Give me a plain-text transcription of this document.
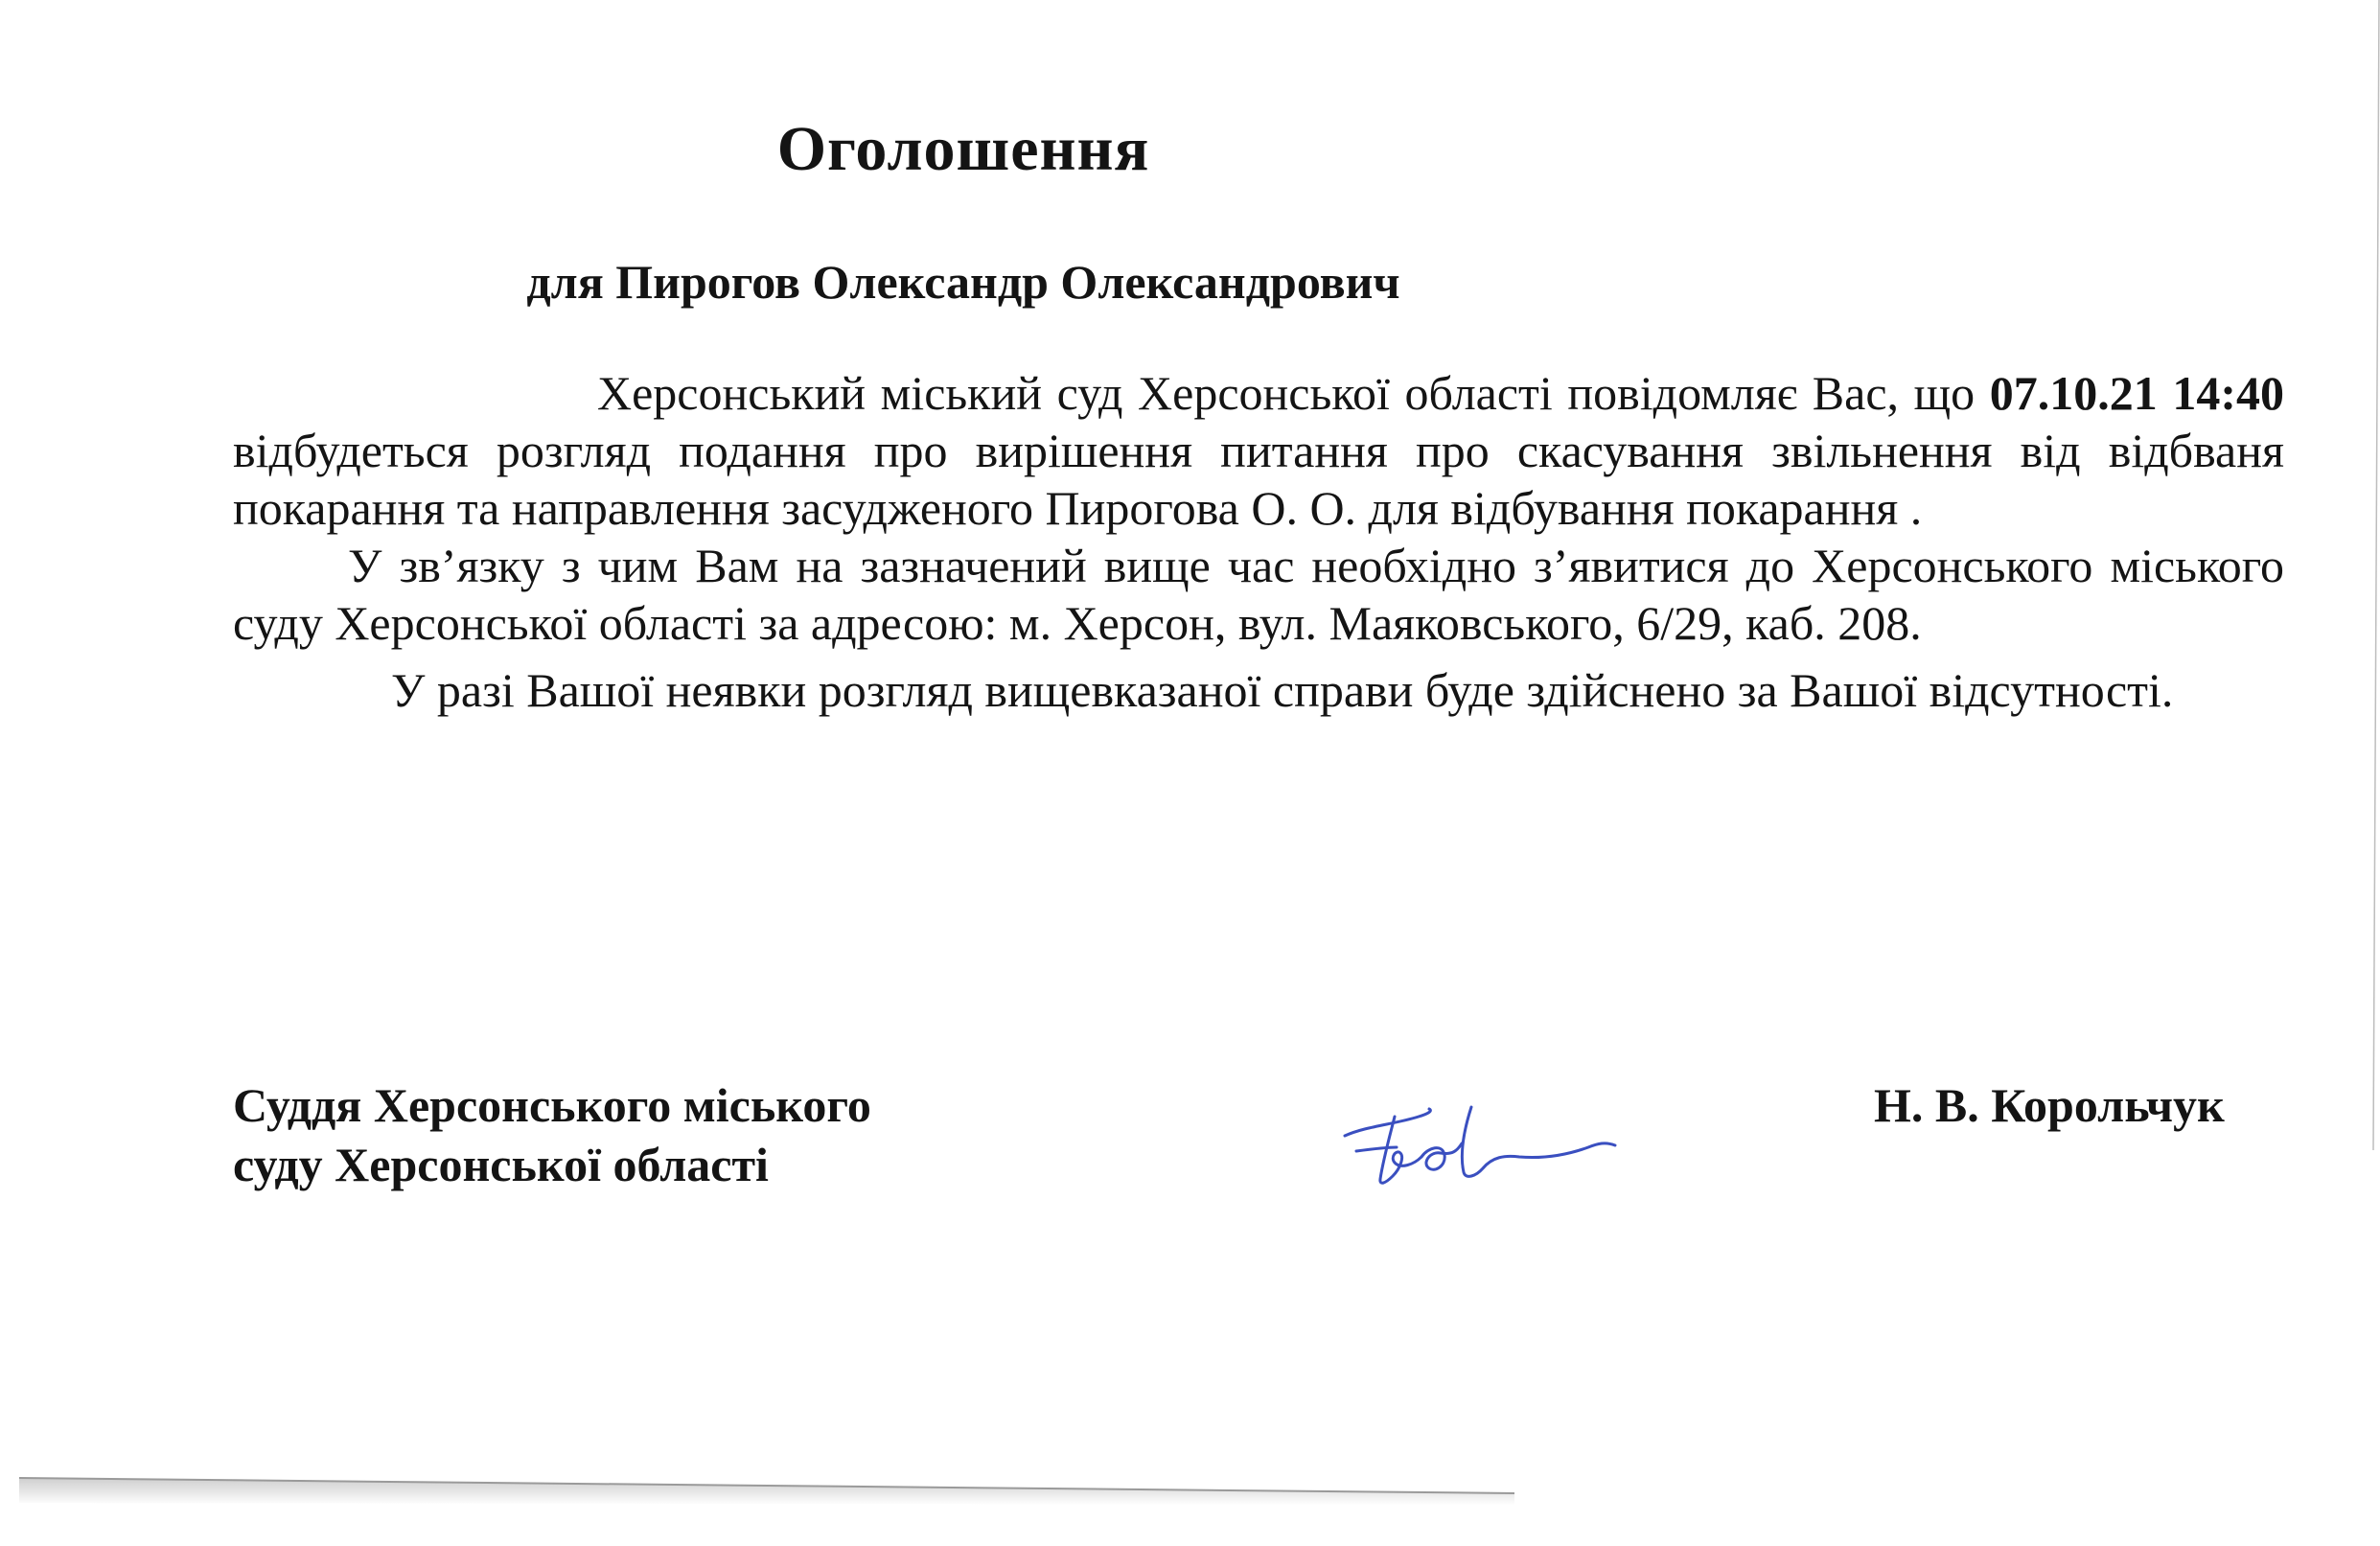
Оголошення
для Пирогов Олександр Олександрович

Херсонський міський суд Херсонської області повідомляє Вас, що 07.10.21 14:40 відбудеться розгляд подання про вирішення питання про скасування звільнення від відбваня покарання та направлення засудженого Пирогова О. О. для відбування покарання .

У зв’язку з чим Вам на зазначений вище час необхідно з’явитися до Херсонського міського суду Херсонської області за адресою: м. Херсон, вул. Маяковського, 6/29, каб. 208.

У разі Вашої неявки розгляд вищевказаної справи буде здійснено за Вашої відсутності.

Суддя Херсонського міського
суду Херсонської області
Н. В. Корольчук
